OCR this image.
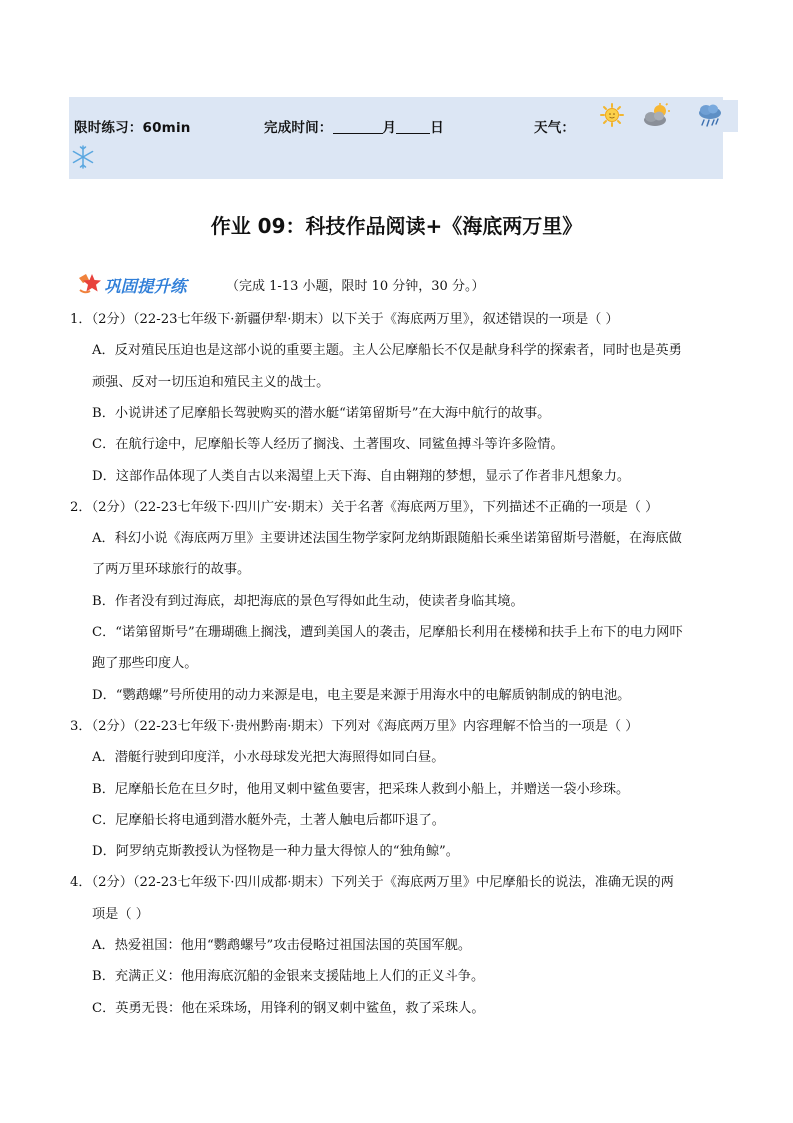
限时练习：60min	完成时间：	月	日	天气：
作业 09：科技作品阅读+《海底两万里》
巩固提升练	（完成 1-13 小题，限时 10 分钟，30 分。）
1．（2分）（22-23七年级下·新疆伊犁·期末）以下关于《海底两万里》，叙述错误的一项是（ ）
A．反对殖民压迫也是这部小说的重要主题。主人公尼摩船长不仅是献身科学的探索者，同时也是英勇
顽强、反对一切压迫和殖民主义的战士。
B．小说讲述了尼摩船长驾驶购买的潜水艇“诺第留斯号”在大海中航行的故事。
C．在航行途中，尼摩船长等人经历了搁浅、土著围攻、同鲨鱼搏斗等许多险情。
D．这部作品体现了人类自古以来渴望上天下海、自由翱翔的梦想，显示了作者非凡想象力。
2．（2分）（22-23七年级下·四川广安·期末）关于名著《海底两万里》，下列描述不正确的一项是（ ）
A．科幻小说《海底两万里》主要讲述法国生物学家阿龙纳斯跟随船长乘坐诺第留斯号潜艇，在海底做
了两万里环球旅行的故事。
B．作者没有到过海底，却把海底的景色写得如此生动，使读者身临其境。
C．“诺第留斯号”在珊瑚礁上搁浅，遭到美国人的袭击，尼摩船长利用在楼梯和扶手上布下的电力网吓
跑了那些印度人。
D．“鹦鹉螺”号所使用的动力来源是电，电主要是来源于用海水中的电解质钠制成的钠电池。
3．（2分）（22-23七年级下·贵州黔南·期末）下列对《海底两万里》内容理解不恰当的一项是（ ）
A．潜艇行驶到印度洋，小水母球发光把大海照得如同白昼。
B．尼摩船长危在旦夕时，他用叉刺中鲨鱼要害，把采珠人救到小船上，并赠送一袋小珍珠。
C．尼摩船长将电通到潜水艇外壳，土著人触电后都吓退了。
D．阿罗纳克斯教授认为怪物是一种力量大得惊人的“独角鲸”。
4．（2分）（22-23七年级下·四川成都·期末）下列关于《海底两万里》中尼摩船长的说法，准确无误的两
项是（ ）
A．热爱祖国：他用“鹦鹉螺号”攻击侵略过祖国法国的英国军舰。
B．充满正义：他用海底沉船的金银来支援陆地上人们的正义斗争。
C．英勇无畏：他在采珠场，用锋利的钢叉刺中鲨鱼，救了采珠人。
